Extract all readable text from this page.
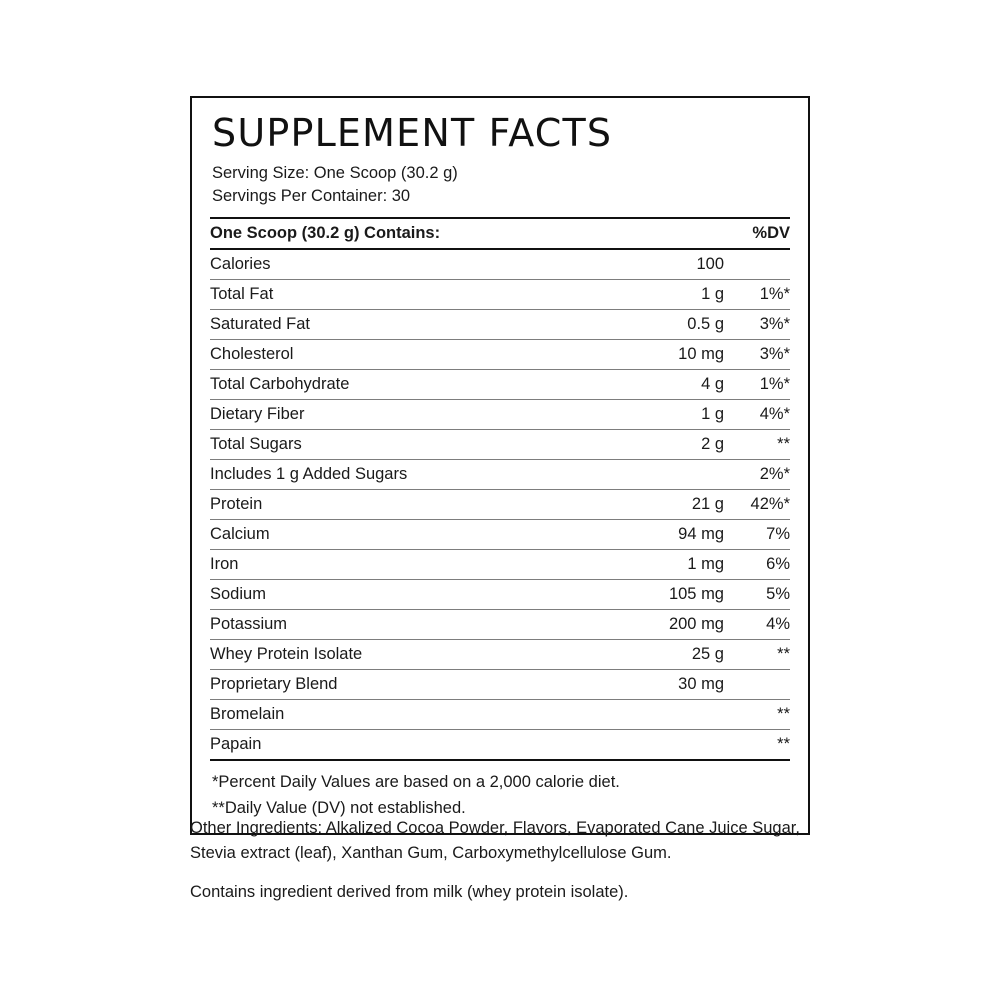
SUPPLEMENT FACTS
Serving Size: One Scoop (30.2 g)
Servings Per Container: 30
One Scoop (30.2 g) Contains:		%DV
Calories	100	
Total Fat	1 g	1%*
Saturated Fat	0.5 g	3%*
Cholesterol	10 mg	3%*
Total Carbohydrate	4 g	1%*
Dietary Fiber	1 g	4%*
Total Sugars	2 g	**
Includes 1 g Added Sugars		2%*
Protein	21 g	42%*
Calcium	94 mg	7%
Iron	1 mg	6%
Sodium	105 mg	5%
Potassium	200 mg	4%
Whey Protein Isolate	25 g	**
Proprietary Blend	30 mg	
Bromelain		**
Papain		**
*Percent Daily Values are based on a 2,000 calorie diet.
**Daily Value (DV) not established.
Other Ingredients: Alkalized Cocoa Powder, Flavors, Evaporated Cane Juice Sugar, Stevia extract (leaf), Xanthan Gum, Carboxymethylcellulose Gum.
Contains ingredient derived from milk (whey protein isolate).
